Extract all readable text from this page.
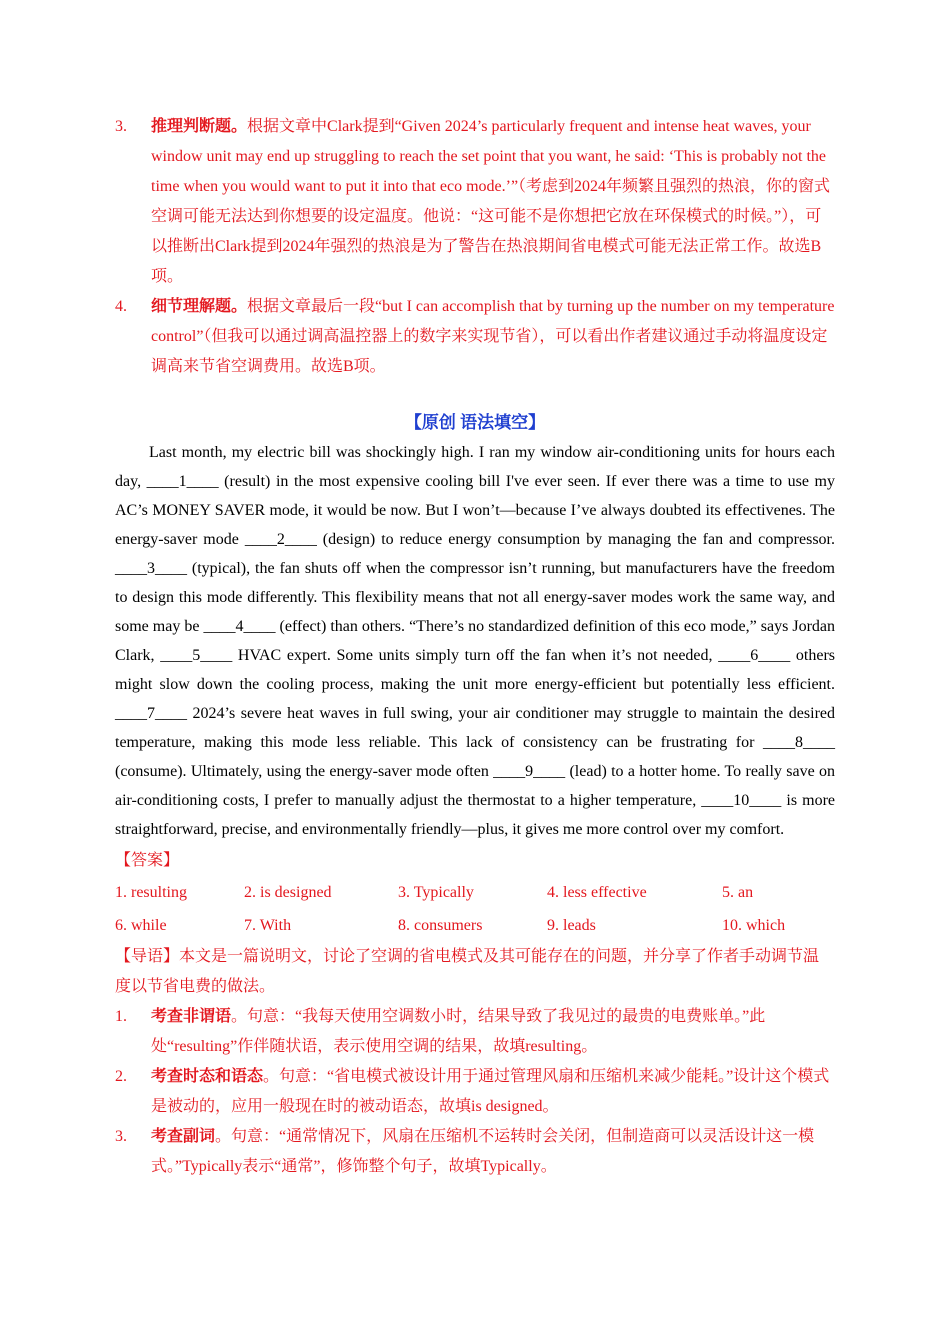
3. 推理判断题。根据文章中Clark提到“Given 2024’s particularly frequent and intense heat waves, your window unit may end up struggling to reach the set point that you want, he said: ‘This is probably not the time when you would want to put it into that eco mode.’”（考虑到2024年频繁且强烈的热浪，你的窗式空调可能无法达到你想要的设定温度。他说：“这可能不是你想把它放在环保模式的时候。”），可以推断出Clark提到2024年强烈的热浪是为了警告在热浪期间省电模式可能无法正常工作。故选B项。
4. 细节理解题。根据文章最后一段“but I can accomplish that by turning up the number on my temperature control”（但我可以通过调高温控器上的数字来实现节省），可以看出作者建议通过手动将温度设定调高来节省空调费用。故选B项。
【原创 语法填空】

Last month, my electric bill was shockingly high. I ran my window air-conditioning units for hours each day, ____1____ (result) in the most expensive cooling bill I've ever seen. If ever there was a time to use my AC’s MONEY SAVER mode, it would be now. But I won’t—because I’ve always doubted its effectivenes. The energy-saver mode ____2____ (design) to reduce energy consumption by managing the fan and compressor. ____3____ (typical), the fan shuts off when the compressor isn’t running, but manufacturers have the freedom to design this mode differently. This flexibility means that not all energy-saver modes work the same way, and some may be ____4____ (effect) than others. “There’s no standardized definition of this eco mode,” says Jordan Clark, ____5____ HVAC expert. Some units simply turn off the fan when it’s not needed, ____6____ others might slow down the cooling process, making the unit more energy-efficient but potentially less efficient. ____7____ 2024’s severe heat waves in full swing, your air conditioner may struggle to maintain the desired temperature, making this mode less reliable. This lack of consistency can be frustrating for ____8____ (consume). Ultimately, using the energy-saver mode often ____9____ (lead) to a hotter home. To really save on air-conditioning costs, I prefer to manually adjust the thermostat to a higher temperature, ____10____ is more straightforward, precise, and environmentally friendly—plus, it gives me more control over my comfort.

【答案】
1. resulting	2. is designed	3. Typically	4. less effective	5. an
6. while	7. With	8. consumers	9. leads	10. which
【导语】本文是一篇说明文，讨论了空调的省电模式及其可能存在的问题，并分享了作者手动调节温度以节省电费的做法。
1. 考查非谓语。句意：“我每天使用空调数小时，结果导致了我见过的最贵的电费账单。”此处“resulting”作伴随状语，表示使用空调的结果，故填resulting。
2. 考查时态和语态。句意：“省电模式被设计用于通过管理风扇和压缩机来减少能耗。”设计这个模式是被动的，应用一般现在时的被动语态，故填is designed。
3. 考查副词。句意：“通常情况下，风扇在压缩机不运转时会关闭，但制造商可以灵活设计这一模式。”Typically表示“通常”，修饰整个句子，故填Typically。
